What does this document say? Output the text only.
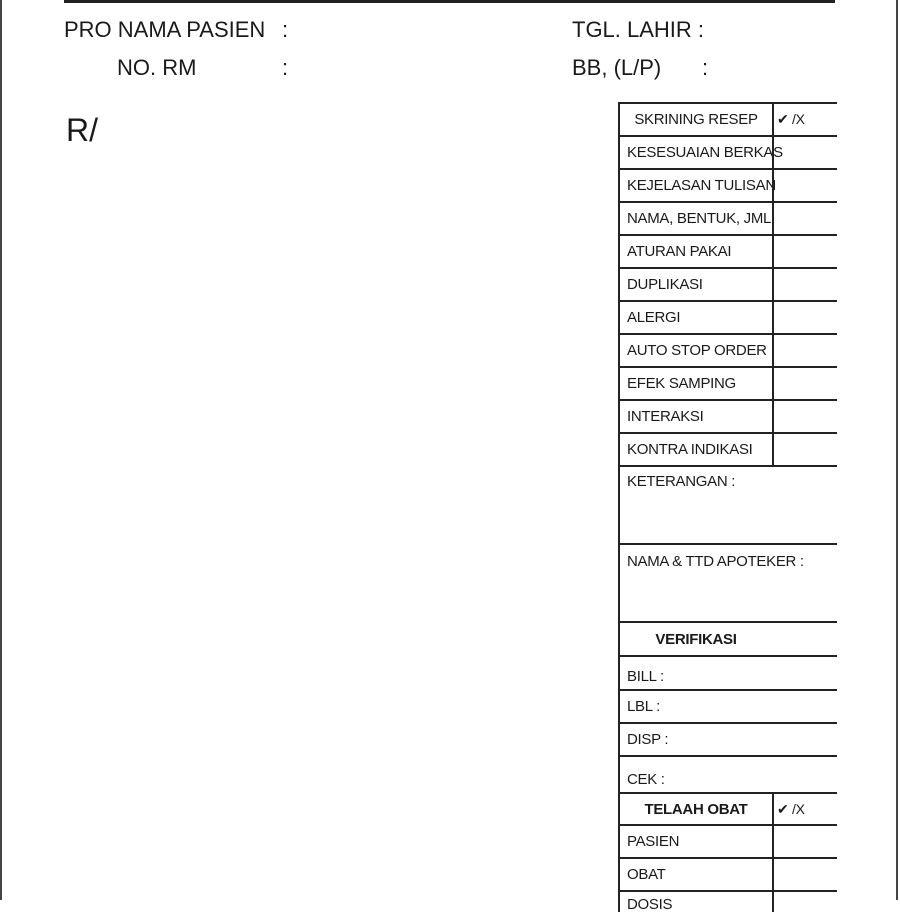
PRO NAMA PASIEN :
NO. RM	:
TGL. LAHIR :
BB, (L/P) :
R/	SKRINING RESEP	✔ /X
KESESUAIAN BERKAS
KEJELASAN TULISAN
NAMA, BENTUK, JML
ATURAN PAKAI
DUPLIKASI
ALERGI
AUTO STOP ORDER
EFEK SAMPING
INTERAKSI
KONTRA INDIKASI
KETERANGAN :
NAMA & TTD APOTEKER :
VERIFIKASI
BILL :
LBL :
DISP :
CEK :
TELAAH OBAT	✔ /X
PASIEN
OBAT
DOSIS
